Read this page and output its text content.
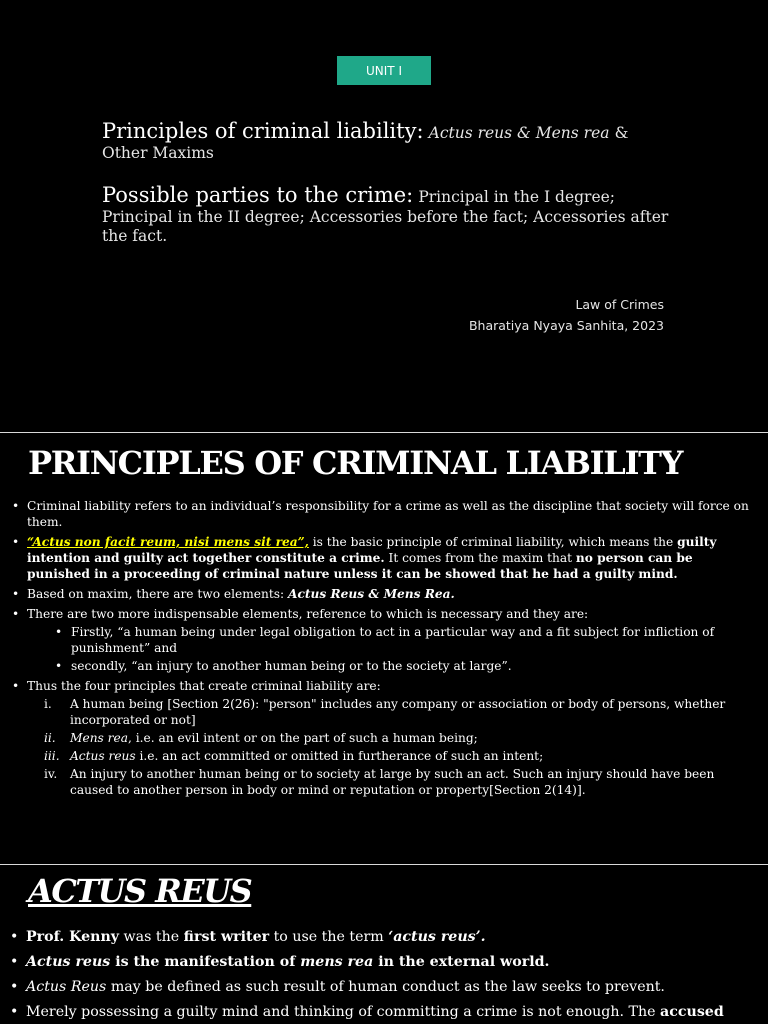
UNIT I
Principles of criminal liability: Actus reus & Mens rea & Other Maxims
Possible parties to the crime: Principal in the I degree; Principal in the II degree; Accessories before the fact; Accessories after the fact.
Law of Crimes
Bharatiya Nyaya Sanhita, 2023
PRINCIPLES OF CRIMINAL LIABILITY
• Criminal liability refers to an individual’s responsibility for a crime as well as the discipline that society will force on them.
• “Actus non facit reum, nisi mens sit rea”, is the basic principle of criminal liability, which means the guilty intention and guilty act together constitute a crime. It comes from the maxim that no person can be punished in a proceeding of criminal nature unless it can be showed that he had a guilty mind.
• Based on maxim, there are two elements: Actus Reus & Mens Rea.
• There are two more indispensable elements, reference to which is necessary and they are:
• Firstly, “a human being under legal obligation to act in a particular way and a fit subject for infliction of punishment” and
• secondly, “an injury to another human being or to the society at large”.
• Thus the four principles that create criminal liability are:
i. A human being [Section 2(26): "person" includes any company or association or body of persons, whether incorporated or not]
ii. Mens rea, i.e. an evil intent or on the part of such a human being;
iii. Actus reus i.e. an act committed or omitted in furtherance of such an intent;
iv. An injury to another human being or to society at large by such an act. Such an injury should have been caused to another person in body or mind or reputation or property[Section 2(14)].
ACTUS REUS
• Prof. Kenny was the first writer to use the term ‘actus reus’.
• Actus reus is the manifestation of mens rea in the external world.
• Actus Reus may be defined as such result of human conduct as the law seeks to prevent.
• Merely possessing a guilty mind and thinking of committing a crime is not enough. The accused
